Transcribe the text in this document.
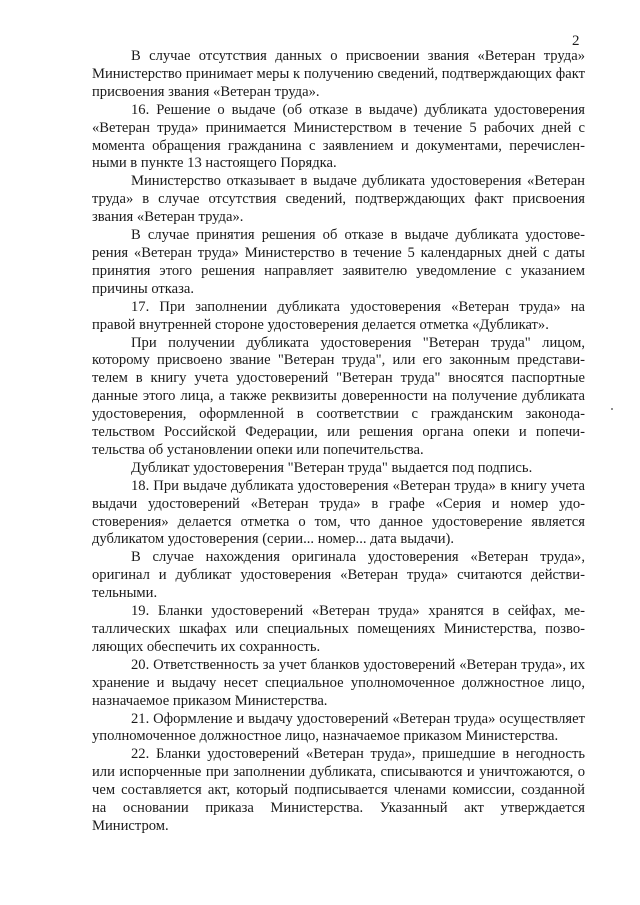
2

В случае отсутствия данных о присвоении звания «Ветеран труда» Министерство принимает меры к получению сведений, подтверждающих факт присвоения звания «Ветеран труда».

16. Решение о выдаче (об отказе в выдаче) дубликата удостоверения «Ветеран труда» принимается Министерством в течение 5 рабочих дней с момента обращения гражданина с заявлением и документами, перечисленными в пункте 13 настоящего Порядка.

Министерство отказывает в выдаче дубликата удостоверения «Ветеран труда» в случае отсутствия сведений, подтверждающих факт присвоения звания «Ветеран труда».

В случае принятия решения об отказе в выдаче дубликата удостоверения «Ветеран труда» Министерство в течение 5 календарных дней с даты принятия этого решения направляет заявителю уведомление с указанием причины отказа.

17. При заполнении дубликата удостоверения «Ветеран труда» на правой внутренней стороне удостоверения делается отметка «Дубликат».

При получении дубликата удостоверения "Ветеран труда" лицом, которому присвоено звание "Ветеран труда", или его законным представителем в книгу учета удостоверений "Ветеран труда" вносятся паспортные данные этого лица, а также реквизиты доверенности на получение дубликата удостоверения, оформленной в соответствии с гражданским законодательством Российской Федерации, или решения органа опеки и попечительства об установлении опеки или попечительства.

Дубликат удостоверения "Ветеран труда" выдается под подпись.

18. При выдаче дубликата удостоверения «Ветеран труда» в книгу учета выдачи удостоверений «Ветеран труда» в графе «Серия и номер удостоверения» делается отметка о том, что данное удостоверение является дубликатом удостоверения (серии... номер... дата выдачи).

В случае нахождения оригинала удостоверения «Ветеран труда», оригинал и дубликат удостоверения «Ветеран труда» считаются действительными.

19. Бланки удостоверений «Ветеран труда» хранятся в сейфах, металлических шкафах или специальных помещениях Министерства, позволяющих обеспечить их сохранность.

20. Ответственность за учет бланков удостоверений «Ветеран труда», их хранение и выдачу несет специальное уполномоченное должностное лицо, назначаемое приказом Министерства.

21. Оформление и выдачу удостоверений «Ветеран труда» осуществляет уполномоченное должностное лицо, назначаемое приказом Министерства.

22. Бланки удостоверений «Ветеран труда», пришедшие в негодность или испорченные при заполнении дубликата, списываются и уничтожаются, о чем составляется акт, который подписывается членами комиссии, созданной на основании приказа Министерства. Указанный акт утверждается Министром.
